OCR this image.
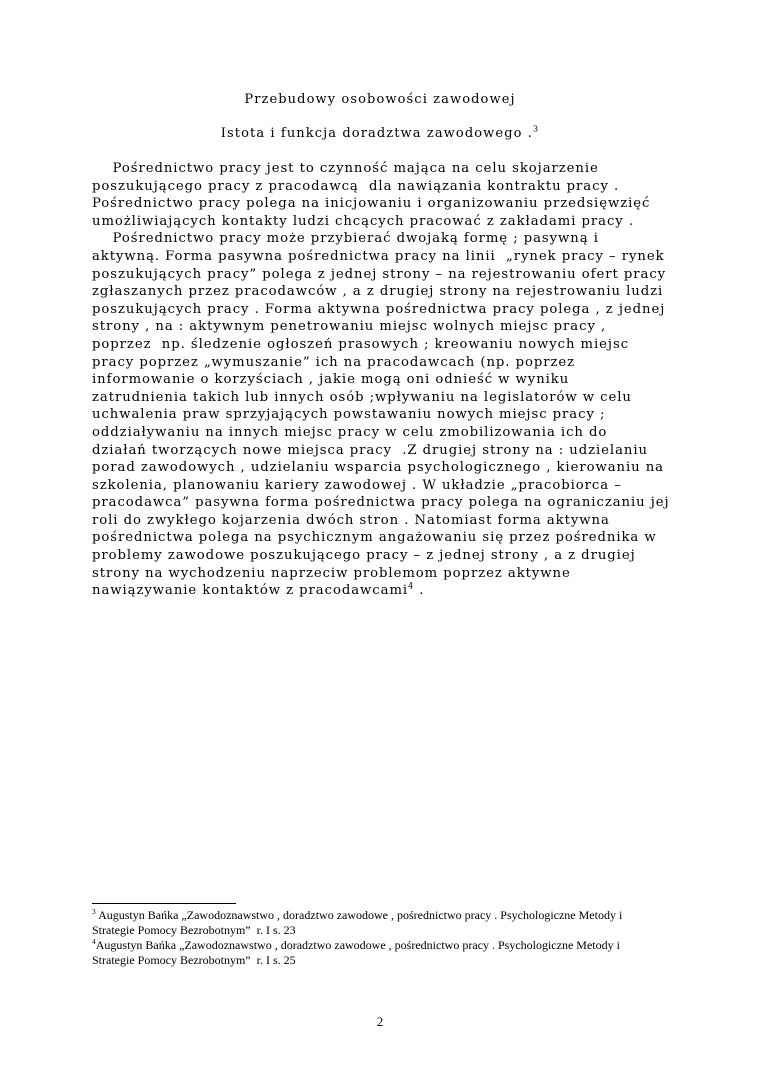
Przebudowy osobowości zawodowej
Istota i funkcja doradztwa zawodowego .$^3$
Pośrednictwo pracy jest to czynność mająca na celu skojarzenie
poszukującego pracy z pracodawcą  dla nawiązania kontraktu pracy .
Pośrednictwo pracy polega na inicjowaniu i organizowaniu przedsięwzięć
umożliwiających kontakty ludzi chcących pracować z zakładami pracy .
Pośrednictwo pracy może przybierać dwojaką formę ; pasywną i
aktywną. Forma pasywna pośrednictwa pracy na linii  „rynek pracy – rynek
poszukujących pracy” polega z jednej strony – na rejestrowaniu ofert pracy
zgłaszanych przez pracodawców , a z drugiej strony na rejestrowaniu ludzi
poszukujących pracy . Forma aktywna pośrednictwa pracy polega , z jednej
strony , na : aktywnym penetrowaniu miejsc wolnych miejsc pracy ,
poprzez  np. śledzenie ogłoszeń prasowych ; kreowaniu nowych miejsc
pracy poprzez „wymuszanie” ich na pracodawcach (np. poprzez
informowanie o korzyściach , jakie mogą oni odnieść w wyniku
zatrudnienia takich lub innych osób ;wpływaniu na legislatorów w celu
uchwalenia praw sprzyjających powstawaniu nowych miejsc pracy ;
oddziaływaniu na innych miejsc pracy w celu zmobilizowania ich do
działań tworzących nowe miejsca pracy  .Z drugiej strony na : udzielaniu
porad zawodowych , udzielaniu wsparcia psychologicznego , kierowaniu na
szkolenia, planowaniu kariery zawodowej . W układzie „pracobiorca –
pracodawca” pasywna forma pośrednictwa pracy polega na ograniczaniu jej
roli do zwykłego kojarzenia dwóch stron . Natomiast forma aktywna
pośrednictwa polega na psychicznym angażowaniu się przez pośrednika w
problemy zawodowe poszukującego pracy – z jednej strony , a z drugiej
strony na wychodzeniu naprzeciw problemom poprzez aktywne
nawiązywanie kontaktów z pracodawcami$^4$ .
$^3$ Augustyn Bańka „Zawodoznawstwo , doradztwo zawodowe , pośrednictwo pracy . Psychologiczne Metody i
Strategie Pomocy Bezrobotnym”  r. I s. 23
$^4$Augustyn Bańka „Zawodoznawstwo , doradztwo zawodowe , pośrednictwo pracy . Psychologiczne Metody i
Strategie Pomocy Bezrobotnym”  r. I s. 25
2
